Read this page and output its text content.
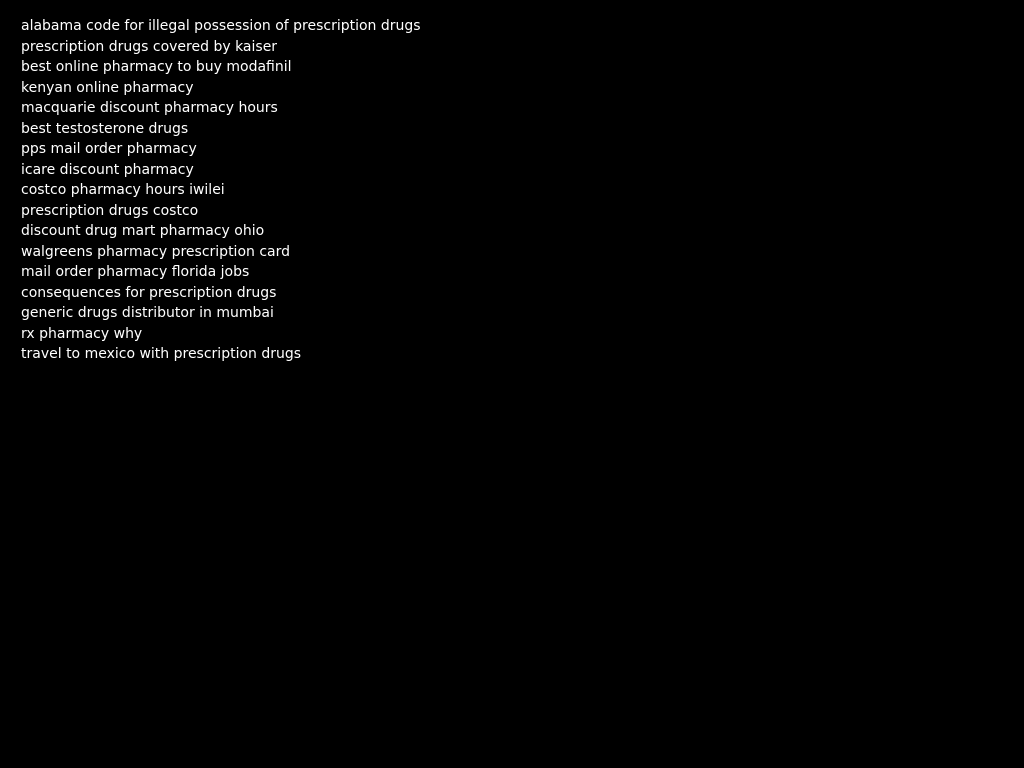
alabama code for illegal possession of prescription drugs
prescription drugs covered by kaiser
best online pharmacy to buy modafinil
kenyan online pharmacy
macquarie discount pharmacy hours
best testosterone drugs
pps mail order pharmacy
icare discount pharmacy
costco pharmacy hours iwilei
prescription drugs costco
discount drug mart pharmacy ohio
walgreens pharmacy prescription card
mail order pharmacy florida jobs
consequences for prescription drugs
generic drugs distributor in mumbai
rx pharmacy why
travel to mexico with prescription drugs
